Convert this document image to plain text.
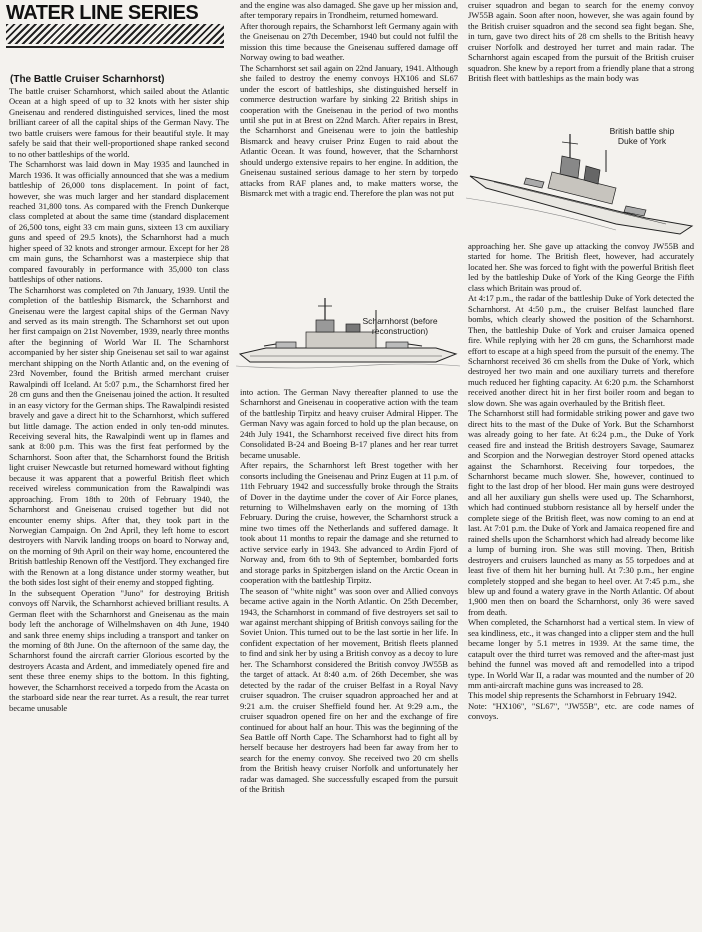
WATER LINE SERIES
(The Battle Cruiser Scharnhorst)

The battle cruiser Scharnhorst, which sailed about the Atlantic Ocean at a high speed of up to 32 knots with her sister ship Gneisenau and rendered distinguished services, lined the most brilliant career of all the capital ships of the German Navy. The two battle cruisers were famous for their beautiful style. It may safely be said that their well-proportioned shape ranked second to no other battleships of the world.

The Scharnhorst was laid down in May 1935 and launched in March 1936. It was officially announced that she was a medium battleship of 26,000 tons displacement. In point of fact, however, she was much larger and her standard displacement reached 31,800 tons. As compared with the French Dunkerque class completed at about the same time (standard displacement of 26,500 tons, eight 33 cm main guns, sixteen 13 cm auxiliary guns and speed of 29.5 knots), the Scharnhorst had a much higher speed of 32 knots and stronger armour. Except for her 28 cm main guns, the Scharnhorst was a masterpiece ship that compared favourably in performance with 35,000 ton class battleships of other nations.

The Scharnhorst was completed on 7th January, 1939. Until the completion of the battleship Bismarck, the Scharnhorst and Gneisenau were the largest capital ships of the German Navy and served as its main strength. The Scharnhorst set out upon her first campaign on 21st November, 1939, nearly three months after the beginning of World War II. The Scharnhorst accompanied by her sister ship Gneisenau set sail to war against merchant shipping on the North Atlantic and, on the evening of 23rd November, found the British armed merchant cruiser Rawalpindi off Iceland. At 5:07 p.m., the Scharnhorst fired her 28 cm guns and then the Gneisenau joined the action. It resulted in an easy victory for the German ships. The Rawalpindi resisted bravely and gave a direct hit to the Scharnhorst, which suffered but little damage. The action ended in only ten-odd minutes. Receiving several hits, the Rawalpindi went up in flames and sank at 8:00 p.m. This was the first feat performed by the Scharnhorst. Soon after that, the Scharnhorst found the British light cruiser Newcastle but returned homeward without fighting because it was apparent that a powerful British fleet which received wireless communication from the Rawalpindi was approaching. From 18th to 20th of February 1940, the Scharnhorst and Gneisenau cruised together but did not encounter enemy ships. After that, they took part in the Norwegian Campaign. On 2nd April, they left home to escort destroyers with Narvik landing troops on board to Norway and, on the morning of 9th April on their way home, encountered the British battleship Renown off the Vestfjord. They exchanged fire with the Renown at a long distance under stormy weather, but the both sides lost sight of their enemy and stopped fighting.

In the subsequent Operation "Juno" for destroying British convoys off Narvik, the Scharnhorst achieved brilliant results. A German fleet with the Scharnhorst and Gneisenau as the main body left the anchorage of Wilhelmshaven on 4th June, 1940 and sank three enemy ships including a transport and tanker on the morning of 8th June. On the afternoon of the same day, the Scharnhorst found the aircraft carrier Glorious escorted by the destroyers Acasta and Ardent, and immediately opened fire and sent these three enemy ships to the bottom. In this fighting, however, the Scharnhorst received a torpedo from the Acasta on the starboard side near the rear turret. As a result, the rear turret became unusable

and the engine was also damaged. She gave up her mission and, after temporary repairs in Trondheim, returned homeward.

After thorough repairs, the Scharnhorst left Germany again with the Gneisenau on 27th December, 1940 but could not fulfil the mission this time because the Gneisenau suffered damage off Norway owing to bad weather.

The Scharnhorst set sail again on 22nd January, 1941. Although she failed to destroy the enemy convoys HX106 and SL67 under the escort of battleships, she distinguished herself in commerce destruction warfare by sinking 22 British ships in cooperation with the Gneisenau in the period of two months until she put in at Brest on 22nd March. After repairs in Brest, the Scharnhorst and Gneisenau were to join the battleship Bismarck and heavy cruiser Prinz Eugen to raid about the Atlantic Ocean. It was found, however, that the Scharnhorst should undergo extensive repairs to her engine. In addition, the Gneisenau sustained serious damage to her stern by torpedo attacks from RAF planes and, to make matters worse, the Bismarck met with a tragic end. Therefore the plan was not put

Scharnhorst (before
reconstruction)

into action. The German Navy thereafter planned to use the Scharnhorst and Gneisenau in cooperative action with the team of the battleship Tirpitz and heavy cruiser Admiral Hipper. The German Navy was again forced to hold up the plan because, on 24th July 1941, the Scharnhorst received five direct hits from Consolidated B-24 and Boeing B-17 planes and her rear turret became unusable.

After repairs, the Scharnhorst left Brest together with her consorts including the Gneisenau and Prinz Eugen at 11 p.m. of 11th February 1942 and successfully broke through the Straits of Dover in the daytime under the cover of Air Force planes, returning to Wilhelmshaven early on the morning of 13th February. During the cruise, however, the Scharnhorst struck a mine two times off the Netherlands and suffered damage. It took about 11 months to repair the damage and she returned to active service early in 1943. She advanced to Ardin Fjord of Norway and, from 6th to 9th of September, bombarded forts and storage parks in Spitzbergen island on the Arctic Ocean in cooperation with the battleship Tirpitz.

The season of "white night" was soon over and Allied convoys became active again in the North Atlantic. On 25th December, 1943, the Scharnhorst in command of five destroyers set sail to war against merchant shipping of British convoys sailing for the Soviet Union. This turned out to be the last sortie in her life. In confident expectation of her movement, British fleets planned to find and sink her by using a British convoy as a decoy to lure her. The Scharnhorst considered the British convoy JW55B as the target of attack. At 8:40 a.m. of 26th December, she was detected by the radar of the cruiser Belfast in a Royal Navy cruiser squadron. The cruiser squadron approached her and at 9:21 a.m. the cruiser Sheffield found her. At 9:29 a.m., the cruiser squadron opened fire on her and the exchange of fire continued for about half an hour. This was the beginning of the Sea Battle off North Cape. The Scharnhorst had to fight all by herself because her destroyers had been far away from her to search for the enemy convoy. She received two 20 cm shells from the British heavy cruiser Norfolk and unfortunately her radar was damaged. She successfully escaped from the pursuit of the British

cruiser squadron and began to search for the enemy convoy JW55B again. Soon after noon, however, she was again found by the British cruiser squadron and the second sea fight began. She, in turn, gave two direct hits of 28 cm shells to the British heavy cruiser Norfolk and destroyed her turret and main radar. The Scharnhorst again escaped from the pursuit of the British cruiser squadron. She knew by a report from a friendly plane that a strong British fleet with battleships as the main body was

British battle ship
Duke of York

approaching her. She gave up attacking the convoy JW55B and started for home. The British fleet, however, had accurately located her. She was forced to fight with the powerful British fleet led by the battleship Duke of York of the King George the Fifth class which Britain was proud of.

At 4:17 p.m., the radar of the battleship Duke of York detected the Scharnhorst. At 4:50 p.m., the cruiser Belfast launched flare bombs, which clearly showed the position of the Scharnhorst. Then, the battleship Duke of York and cruiser Jamaica opened fire. While replying with her 28 cm guns, the Scharnhorst made effort to escape at a high speed from the pursuit of the enemy. The Scharnhorst received 36 cm shells from the Duke of York, which destroyed her two main and one auxiliary turrets and therefore much reduced her fighting capacity. At 6:20 p.m. the Scharnhorst received another direct hit in her first boiler room and began to slow down. She was again overhauled by the British fleet.

The Scharnhorst still had formidable striking power and gave two direct hits to the mast of the Duke of York. But the Scharnhorst was already going to her fate. At 6:24 p.m., the Duke of York ceased fire and instead the British destroyers Savage, Saumarez and Scorpion and the Norwegian destroyer Stord opened attacks against the Scharnhorst. Receiving four torpedoes, the Scharnhorst became much slower. She, however, continued to fight to the last drop of her blood. Her main guns were destroyed and all her auxiliary gun shells were used up. The Scharnhorst, which had continued stubborn resistance all by herself under the complete siege of the British fleet, was now coming to an end at last. At 7:01 p.m. the Duke of York and Jamaica reopened fire and rained shells upon the Scharnhorst which had already become like a lump of burning iron. She was still moving. Then, British destroyers and cruisers launched as many as 55 torpedoes and at least five of them hit her burning hull. At 7:30 p.m., her engine completely stopped and she began to heel over. At 7:45 p.m., she blew up and found a watery grave in the North Atlantic. Of about 1,900 men then on board the Scharnhorst, only 36 were saved from death.

When completed, the Scharnhorst had a vertical stem. In view of sea kindliness, etc., it was changed into a clipper stem and the hull became longer by 5.1 metres in 1939. At the same time, the catapult over the third turret was removed and the after-mast just behind the funnel was moved aft and remodelled into a tripod type. In World War II, a radar was mounted and the number of 20 mm anti-aircraft machine guns was increased to 28.

This model ship represents the Scharnhorst in February 1942.

Note: "HX106", "SL67", "JW55B", etc. are code names of convoys.
